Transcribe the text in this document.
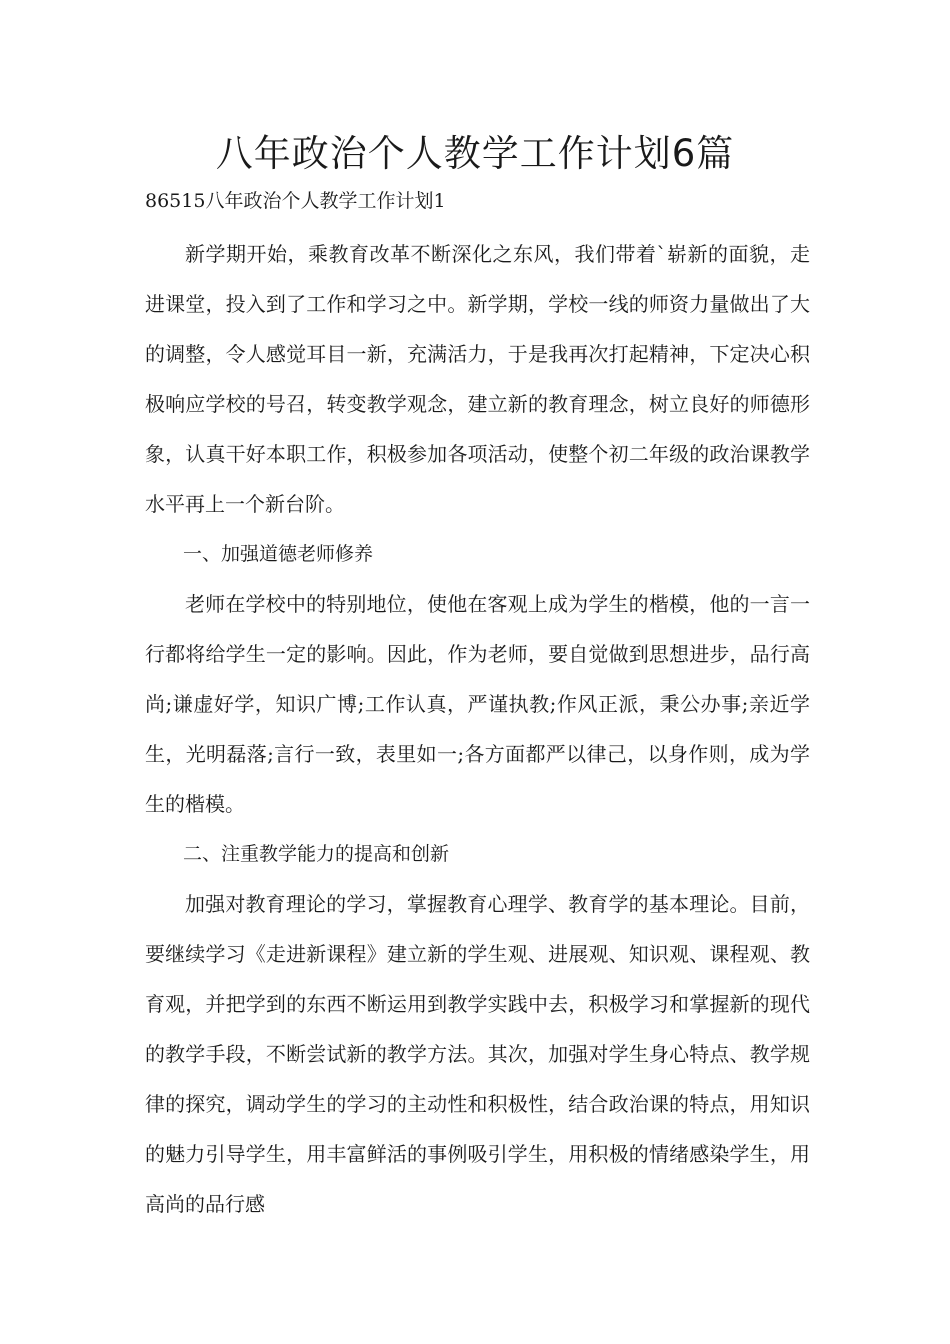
八年政治个人教学工作计划6篇

86515八年政治个人教学工作计划1

新学期开始，乘教育改革不断深化之东风，我们带着`崭新的面貌，走进课堂，投入到了工作和学习之中。新学期，学校一线的师资力量做出了大的调整，令人感觉耳目一新，充满活力，于是我再次打起精神，下定决心积极响应学校的号召，转变教学观念，建立新的教育理念，树立良好的师德形象，认真干好本职工作，积极参加各项活动，使整个初二年级的政治课教学水平再上一个新台阶。

一、加强道德老师修养

老师在学校中的特别地位，使他在客观上成为学生的楷模，他的一言一行都将给学生一定的影响。因此，作为老师，要自觉做到思想进步，品行高尚;谦虚好学，知识广博;工作认真，严谨执教;作风正派，秉公办事;亲近学生，光明磊落;言行一致，表里如一;各方面都严以律己，以身作则，成为学生的楷模。

二、注重教学能力的提高和创新

加强对教育理论的学习，掌握教育心理学、教育学的基本理论。目前，要继续学习《走进新课程》建立新的学生观、进展观、知识观、课程观、教育观，并把学到的东西不断运用到教学实践中去，积极学习和掌握新的现代的教学手段，不断尝试新的教学方法。其次，加强对学生身心特点、教学规律的探究，调动学生的学习的主动性和积极性，结合政治课的特点，用知识的魅力引导学生，用丰富鲜活的事例吸引学生，用积极的情绪感染学生，用高尚的品行感
